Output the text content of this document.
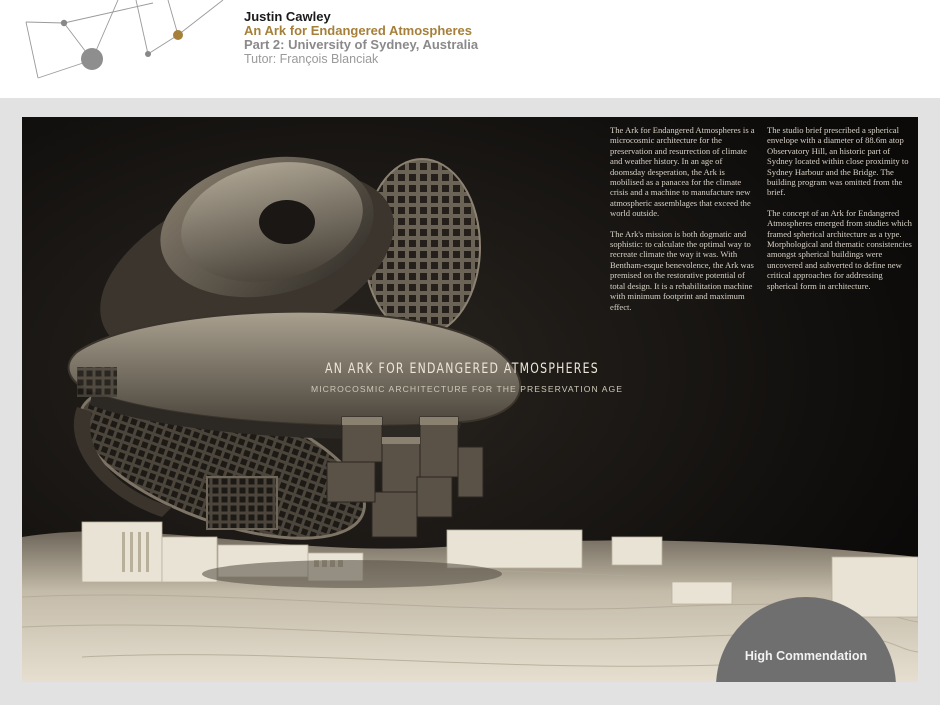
Justin Cawley
An Ark for Endangered Atmospheres
Part 2: University of Sydney, Australia
Tutor: François Blanciak
AN ARK FOR ENDANGERED ATMOSPHERES
MICROCOSMIC ARCHITECTURE FOR THE PRESERVATION AGE

The Ark for Endangered Atmospheres is a microcosmic architecture for the preservation and resurrection of climate and weather history. In an age of doomsday desperation, the Ark is mobilised as a panacea for the climate crisis and a machine to manufacture new atmospheric assemblages that exceed the world outside.

The Ark's mission is both dogmatic and sophistic: to calculate the optimal way to recreate climate the way it was. With Bentham-esque benevolence, the Ark was premised on the restorative potential of total design. It is a rehabilitation machine with minimum footprint and maximum effect.

The studio brief prescribed a spherical envelope with a diameter of 88.6m atop Observatory Hill, an historic part of Sydney located within close proximity to Sydney Harbour and the Bridge. The building program was omitted from the brief.

The concept of an Ark for Endangered Atmospheres emerged from studies which framed spherical architecture as a type. Morphological and thematic consistencies amongst spherical buildings were uncovered and subverted to define new critical approaches for addressing spherical form in architecture.

High Commendation
